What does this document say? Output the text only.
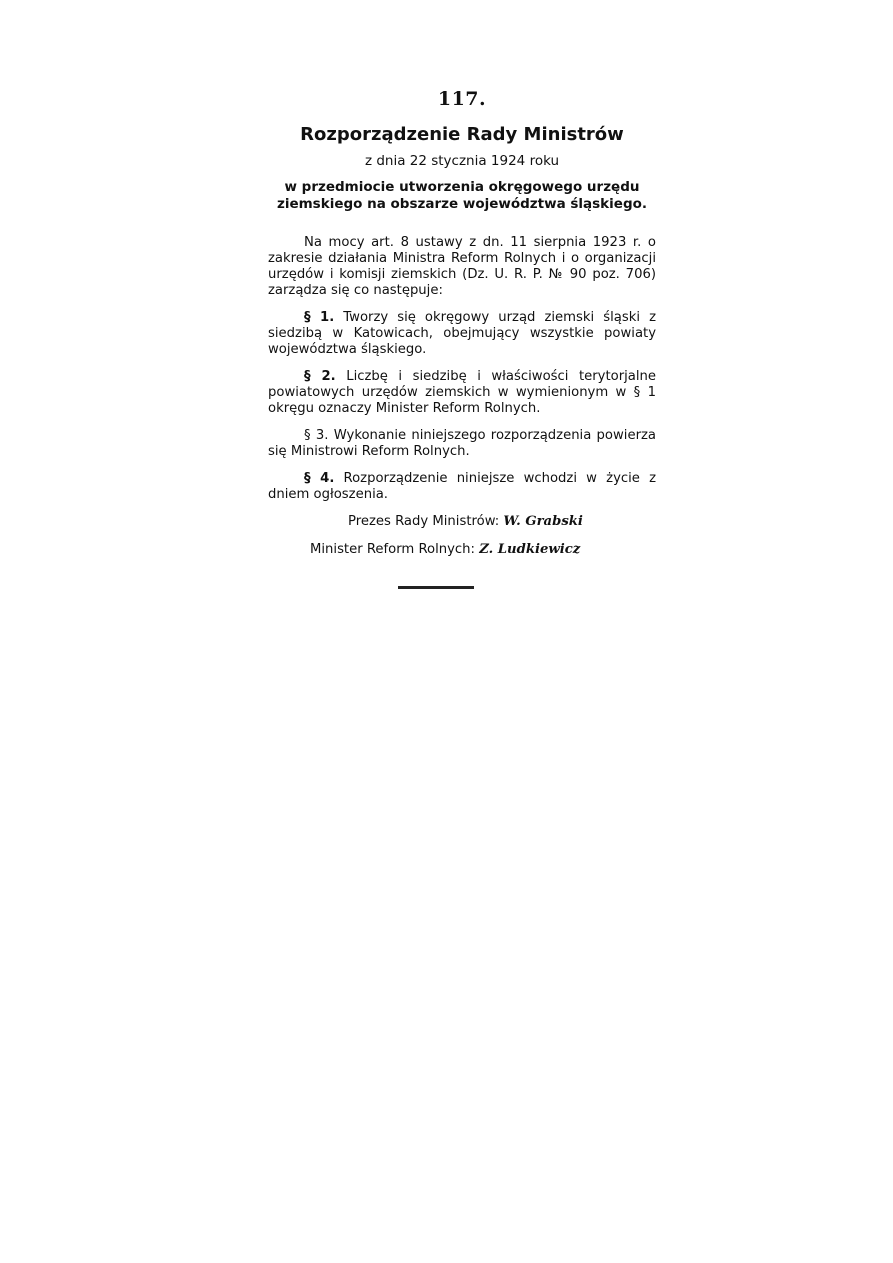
117.
Rozporządzenie Rady Ministrów
z dnia 22 stycznia 1924 roku
w przedmiocie utworzenia okręgowego urzędu ziemskiego na obszarze województwa śląskiego.

Na mocy art. 8 ustawy z dn. 11 sierpnia 1923 r. o zakresie działania Ministra Reform Rolnych i o organizacji urzędów i komisji ziemskich (Dz. U. R. P. № 90 poz. 706) zarządza się co następuje:

§ 1. Tworzy się okręgowy urząd ziemski śląski z siedzibą w Katowicach, obejmujący wszystkie powiaty województwa śląskiego.

§ 2. Liczbę i siedzibę i właściwości terytorjalne powiatowych urzędów ziemskich w wymienionym w § 1 okręgu oznaczy Minister Reform Rolnych.

§ 3. Wykonanie niniejszego rozporządzenia powierza się Ministrowi Reform Rolnych.

§ 4. Rozporządzenie niniejsze wchodzi w życie z dniem ogłoszenia.

Prezes Rady Ministrów: W. Grabski
Minister Reform Rolnych: Z. Ludkiewicz
